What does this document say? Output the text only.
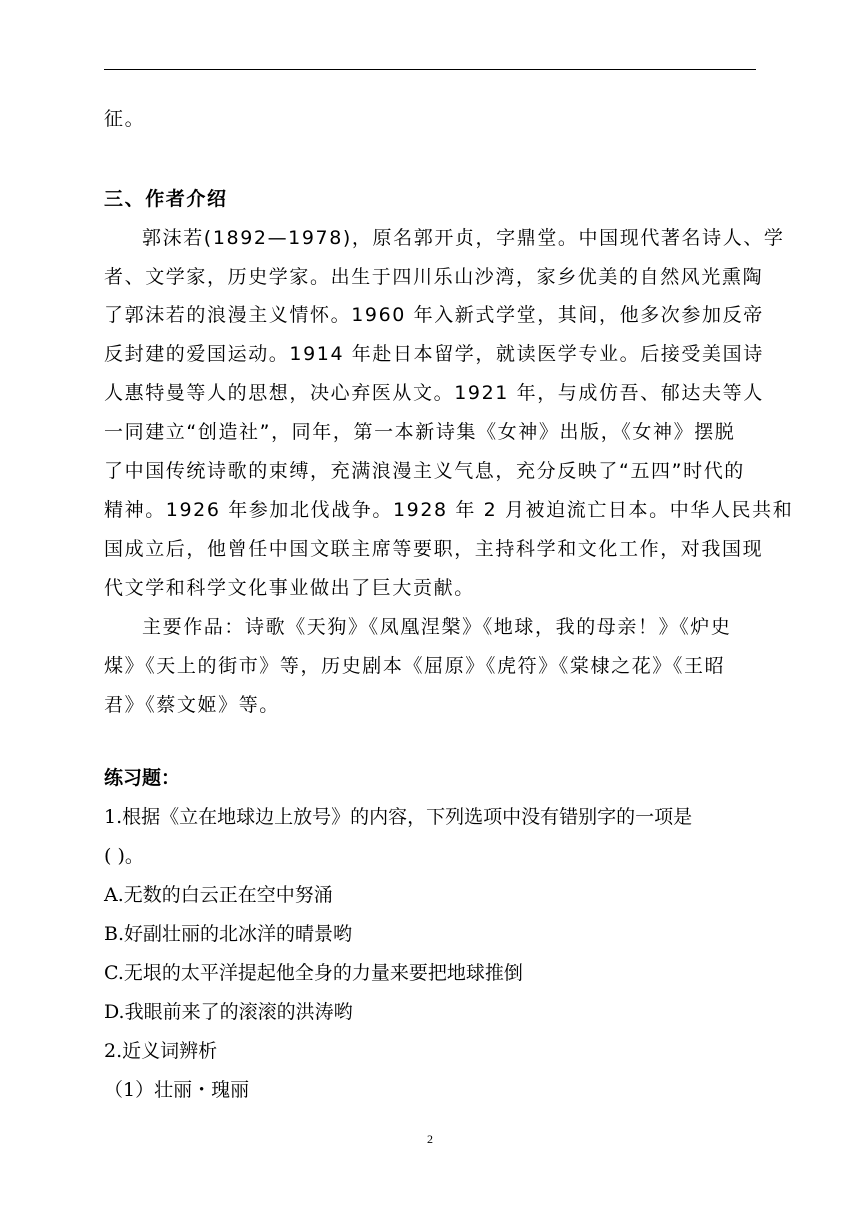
征。
三、作者介绍
郭沫若(1892—1978)，原名郭开贞，字鼎堂。中国现代著名诗人、学
者、文学家，历史学家。出生于四川乐山沙湾，家乡优美的自然风光熏陶
了郭沫若的浪漫主义情怀。1960 年入新式学堂，其间，他多次参加反帝
反封建的爱国运动。1914 年赴日本留学，就读医学专业。后接受美国诗
人惠特曼等人的思想，决心弃医从文。1921 年，与成仿吾、郁达夫等人
一同建立“创造社”，同年，第一本新诗集《女神》出版，《女神》摆脱
了中国传统诗歌的束缚，充满浪漫主义气息，充分反映了“五四”时代的
精神。1926 年参加北伐战争。1928 年 2 月被迫流亡日本。中华人民共和
国成立后，他曾任中国文联主席等要职，主持科学和文化工作，对我国现
代文学和科学文化事业做出了巨大贡献。
主要作品：诗歌《天狗》《凤凰涅槃》《地球，我的母亲！》《炉史
煤》《天上的街市》等，历史剧本《屈原》《虎符》《棠棣之花》《王昭
君》《蔡文姬》等。
练习题：
1.根据《立在地球边上放号》的内容，下列选项中没有错别字的一项是
( )。
A.无数的白云正在空中努涌
B.好副壮丽的北冰洋的晴景哟
C.无垠的太平洋提起他全身的力量来要把地球推倒
D.我眼前来了的滚滚的洪涛哟
2.近义词辨析
（1）壮丽・瑰丽
2
